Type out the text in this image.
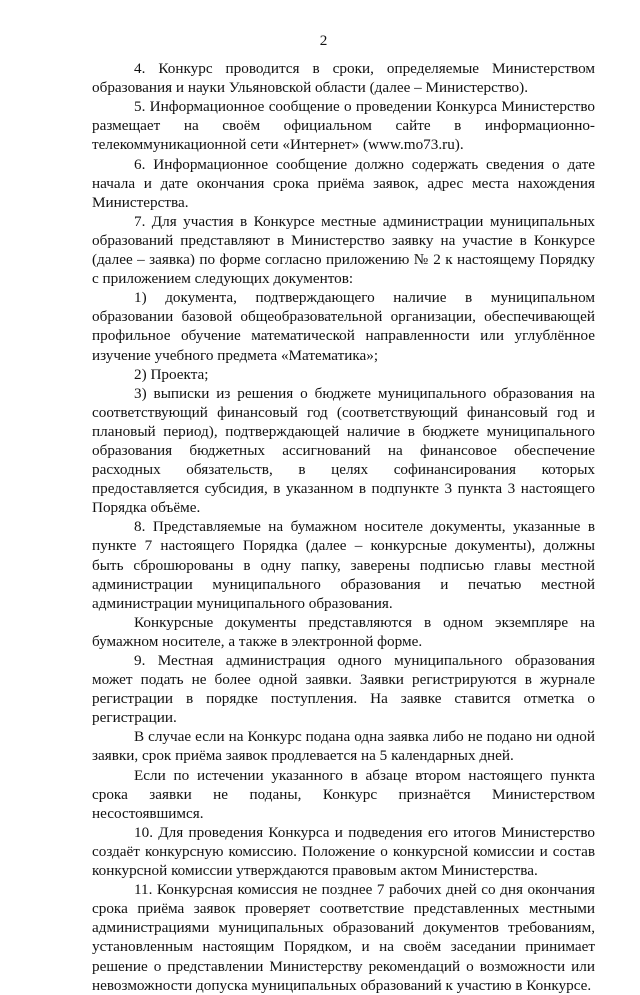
2

4. Конкурс проводится в сроки, определяемые Министерством образования и науки Ульяновской области (далее – Министерство).

5. Информационное сообщение о проведении Конкурса Министерство размещает на своём официальном сайте в информационно-телекоммуникационной сети «Интернет» (www.mo73.ru).

6. Информационное сообщение должно содержать сведения о дате начала и дате окончания срока приёма заявок, адрес места нахождения Министерства.

7. Для участия в Конкурсе местные администрации муниципальных образований представляют в Министерство заявку на участие в Конкурсе (далее – заявка) по форме согласно приложению № 2 к настоящему Порядку с приложением следующих документов:

1) документа, подтверждающего наличие в муниципальном образовании базовой общеобразовательной организации, обеспечивающей профильное обучение математической направленности или углублённое изучение учебного предмета «Математика»;

2) Проекта;

3) выписки из решения о бюджете муниципального образования на соответствующий финансовый год (соответствующий финансовый год и плановый период), подтверждающей наличие в бюджете муниципального образования бюджетных ассигнований на финансовое обеспечение расходных обязательств, в целях софинансирования которых предоставляется субсидия, в указанном в подпункте 3 пункта 3 настоящего Порядка объёме.

8. Представляемые на бумажном носителе документы, указанные в пункте 7 настоящего Порядка (далее – конкурсные документы), должны быть сброшюрованы в одну папку, заверены подписью главы местной администрации муниципального образования и печатью местной администрации муниципального образования.

Конкурсные документы представляются в одном экземпляре на бумажном носителе, а также в электронной форме.

9. Местная администрация одного муниципального образования может подать не более одной заявки. Заявки регистрируются в журнале регистрации в порядке поступления. На заявке ставится отметка о регистрации.

В случае если на Конкурс подана одна заявка либо не подано ни одной заявки, срок приёма заявок продлевается на 5 календарных дней.

Если по истечении указанного в абзаце втором настоящего пункта срока заявки не поданы, Конкурс признаётся Министерством несостоявшимся.

10. Для проведения Конкурса и подведения его итогов Министерство создаёт конкурсную комиссию. Положение о конкурсной комиссии и состав конкурсной комиссии утверждаются правовым актом Министерства.

11. Конкурсная комиссия не позднее 7 рабочих дней со дня окончания срока приёма заявок проверяет соответствие представленных местными администрациями муниципальных образований документов требованиям, установленным настоящим Порядком, и на своём заседании принимает решение о представлении Министерству рекомендаций о возможности или невозможности допуска муниципальных образований к участию в Конкурсе.
